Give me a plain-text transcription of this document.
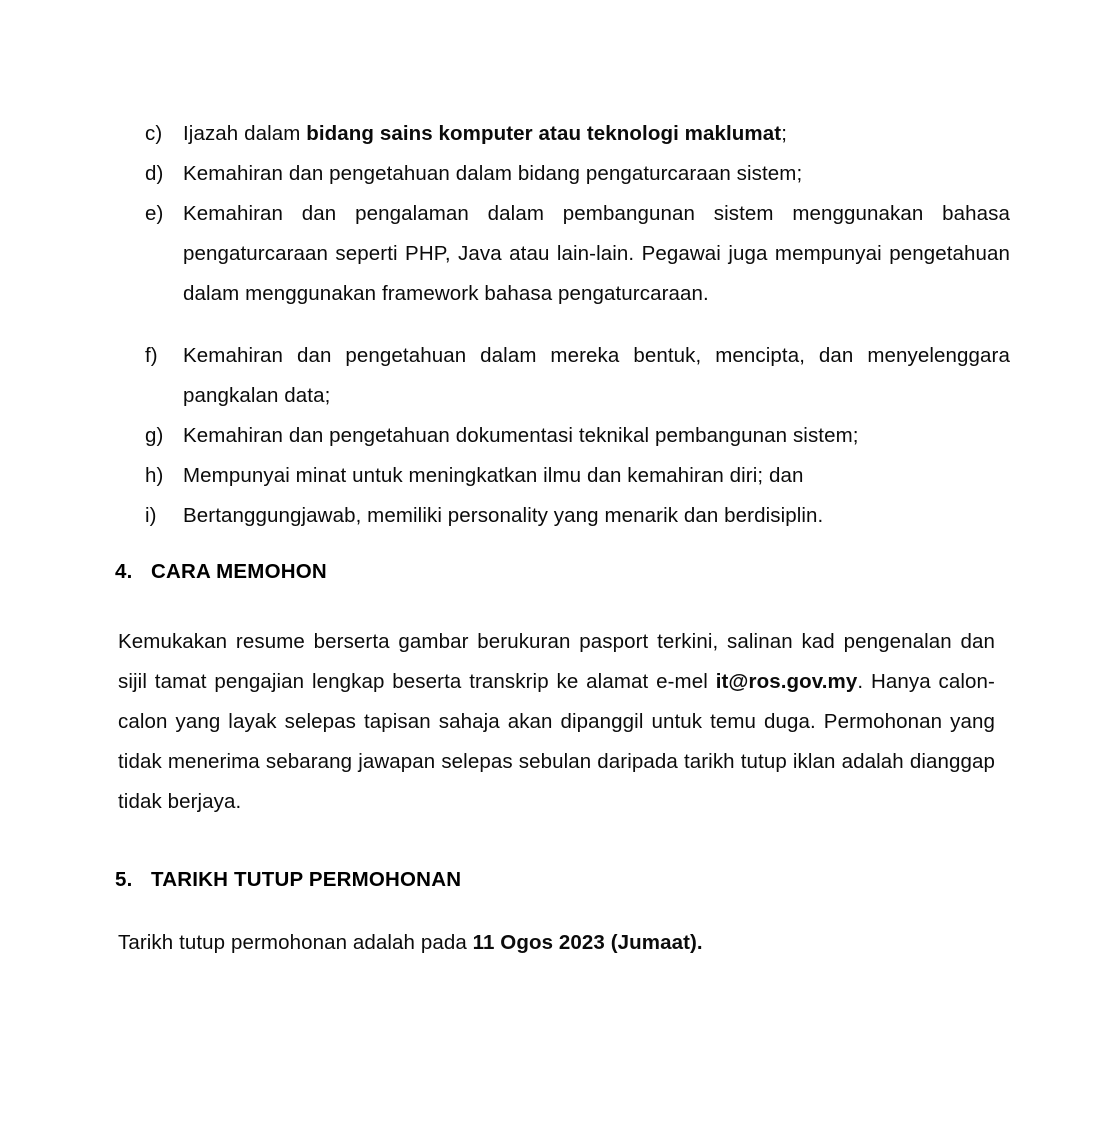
c)	Ijazah dalam bidang sains komputer atau teknologi maklumat;
d) Kemahiran dan pengetahuan dalam bidang pengaturcaraan sistem;
e) Kemahiran dan pengalaman dalam pembangunan sistem menggunakan bahasa pengaturcaraan seperti PHP, Java atau lain-lain. Pegawai juga mempunyai pengetahuan dalam menggunakan framework bahasa pengaturcaraan.
f)	Kemahiran dan pengetahuan dalam mereka bentuk, mencipta, dan menyelenggara pangkalan data;
g) Kemahiran dan pengetahuan dokumentasi teknikal pembangunan sistem;
h) Mempunyai minat untuk meningkatkan ilmu dan kemahiran diri; dan
i)	Bertanggungjawab, memiliki personality yang menarik dan berdisiplin.
4. CARA MEMOHON
Kemukakan resume berserta gambar berukuran pasport terkini, salinan kad pengenalan dan sijil tamat pengajian lengkap beserta transkrip ke alamat e-mel it@ros.gov.my. Hanya calon-calon yang layak selepas tapisan sahaja akan dipanggil untuk temu duga. Permohonan yang tidak menerima sebarang jawapan selepas sebulan daripada tarikh tutup iklan adalah dianggap tidak berjaya.
5. TARIKH TUTUP PERMOHONAN
Tarikh tutup permohonan adalah pada 11 Ogos 2023 (Jumaat).
